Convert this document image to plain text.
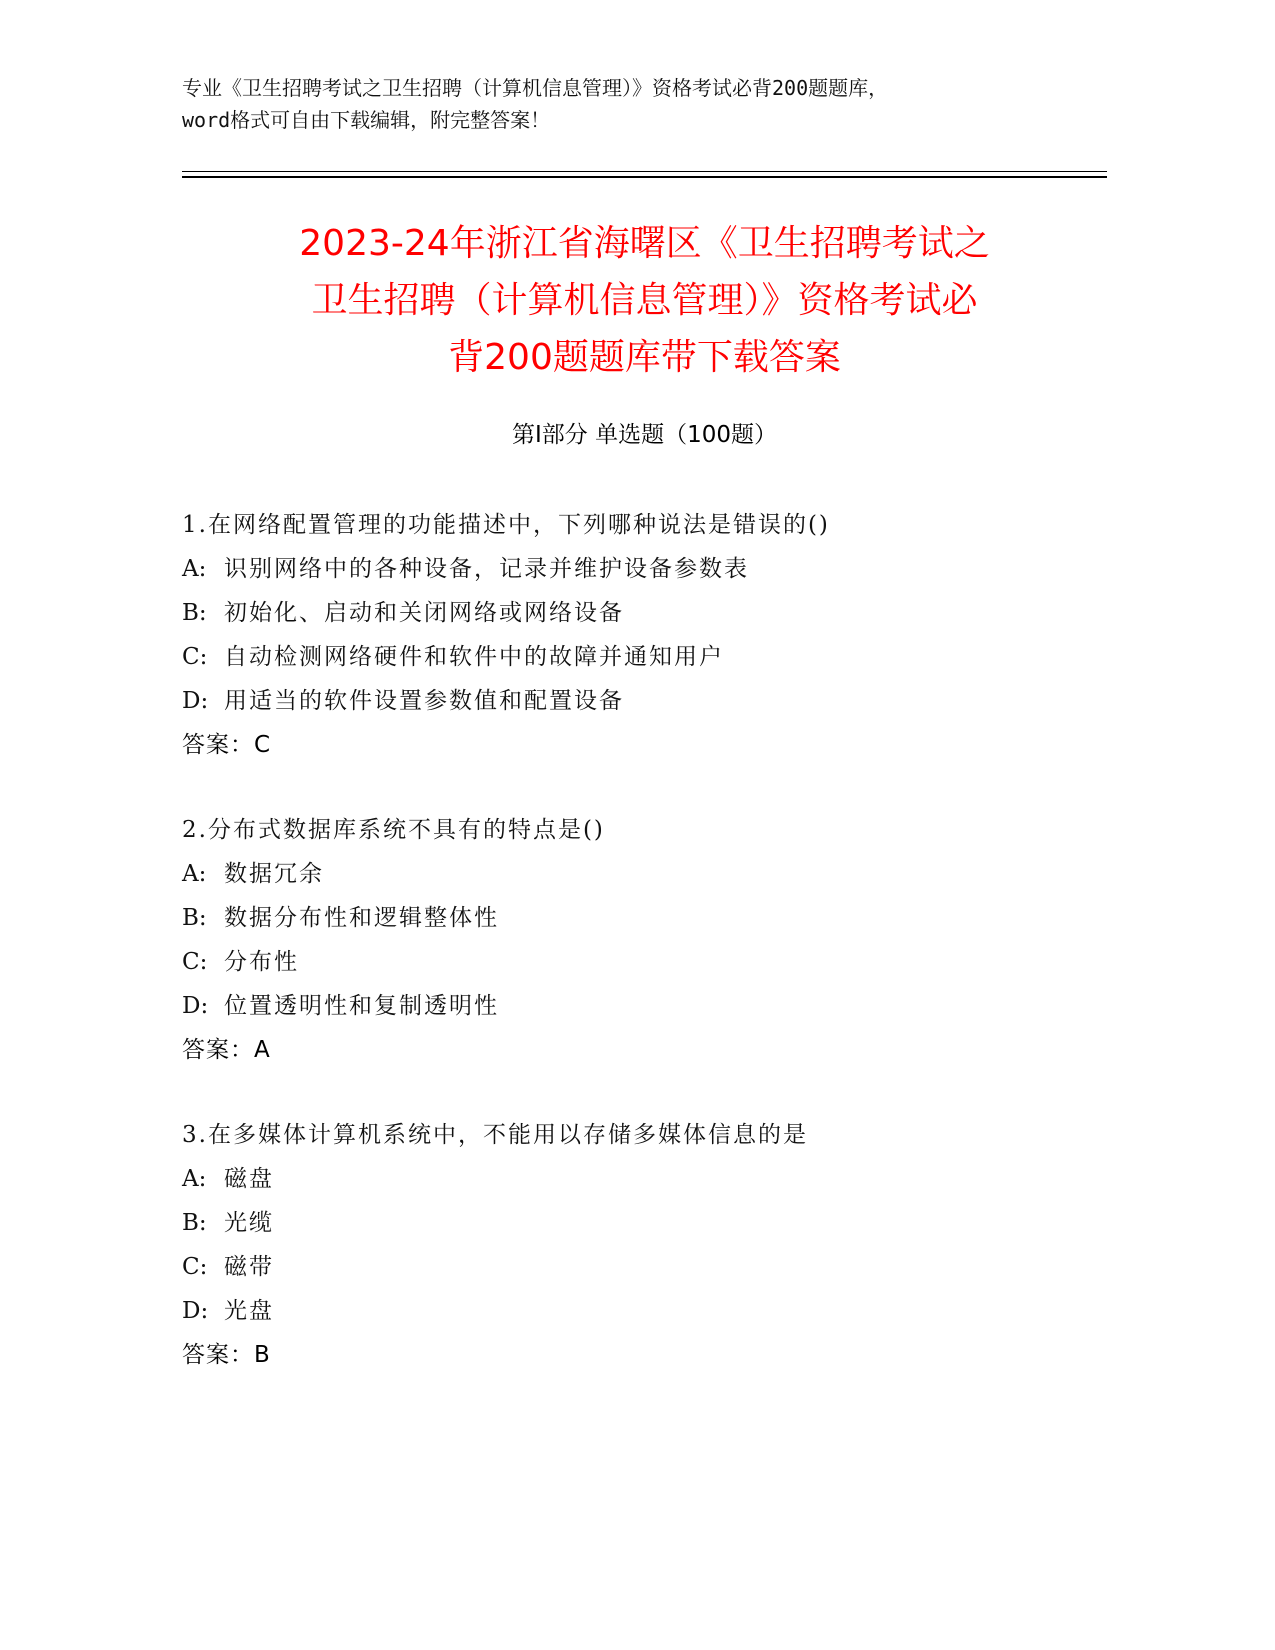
专业《卫生招聘考试之卫生招聘（计算机信息管理）》资格考试必背200题题库，
word格式可自由下载编辑，附完整答案！
2023-24年浙江省海曙区《卫生招聘考试之
卫生招聘（计算机信息管理）》资格考试必
背200题题库带下载答案
第Ⅰ部分 单选题（100题）
1.在网络配置管理的功能描述中，下列哪种说法是错误的()
A: 识别网络中的各种设备，记录并维护设备参数表
B: 初始化、启动和关闭网络或网络设备
C: 自动检测网络硬件和软件中的故障并通知用户
D: 用适当的软件设置参数值和配置设备
答案：C
2.分布式数据库系统不具有的特点是()
A: 数据冗余
B: 数据分布性和逻辑整体性
C: 分布性
D: 位置透明性和复制透明性
答案：A
3.在多媒体计算机系统中，不能用以存储多媒体信息的是
A: 磁盘
B: 光缆
C: 磁带
D: 光盘
答案：B
